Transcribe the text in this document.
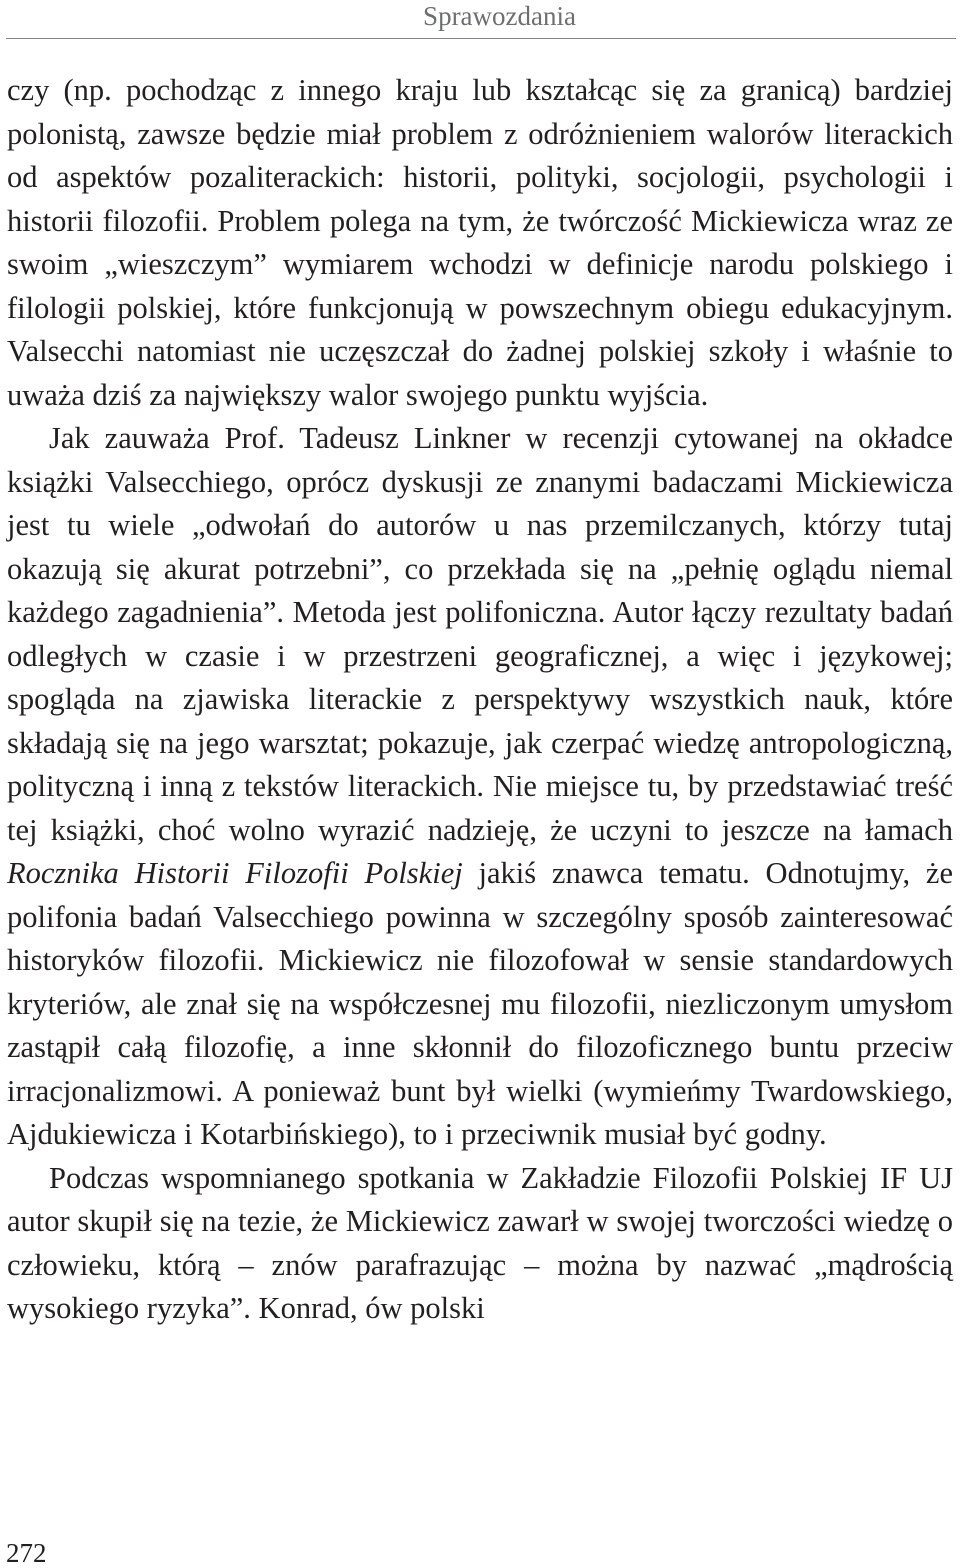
Sprawozdania

czy (np. pochodząc z innego kraju lub kształcąc się za granicą) bardziej polonistą, zawsze będzie miał problem z odróżnieniem walorów literackich od aspektów pozaliterackich: historii, polityki, socjologii, psychologii i historii filozofii. Problem polega na tym, że twórczość Mickiewicza wraz ze swoim „wieszczym” wymiarem wchodzi w definicje narodu polskiego i filologii polskiej, które funkcjonują w powszechnym obiegu edukacyjnym. Valsecchi natomiast nie uczęszczał do żadnej polskiej szkoły i właśnie to uważa dziś za największy walor swojego punktu wyjścia.

Jak zauważa Prof. Tadeusz Linkner w recenzji cytowanej na okładce książki Valsecchiego, oprócz dyskusji ze znanymi badaczami Mickiewicza jest tu wiele „odwołań do autorów u nas przemilczanych, którzy tutaj okazują się akurat potrzebni”, co przekłada się na „pełnię oglądu niemal każdego zagadnienia”. Metoda jest polifoniczna. Autor łączy rezultaty badań odległych w czasie i w przestrzeni geograficznej, a więc i językowej; spogląda na zjawiska literackie z perspektywy wszystkich nauk, które składają się na jego warsztat; pokazuje, jak czerpać wiedzę antropologiczną, polityczną i inną z tekstów literackich. Nie miejsce tu, by przedstawiać treść tej książki, choć wolno wyrazić nadzieję, że uczyni to jeszcze na łamach Rocznika Historii Filozofii Polskiej jakiś znawca tematu. Odnotujmy, że polifonia badań Valsecchiego powinna w szczególny sposób zainteresować historyków filozofii. Mickiewicz nie filozofował w sensie standardowych kryteriów, ale znał się na współczesnej mu filozofii, niezliczonym umysłom zastąpił całą filozofię, a inne skłonnił do filozoficznego buntu przeciw irracjonalizmowi. A ponieważ bunt był wielki (wymieńmy Twardowskiego, Ajdukiewicza i Kotarbińskiego), to i przeciwnik musiał być godny.

Podczas wspomnianego spotkania w Zakładzie Filozofii Polskiej IF UJ autor skupił się na tezie, że Mickiewicz zawarł w swojej tworczości wiedzę o człowieku, którą – znów parafrazując – można by nazwać „mądrością wysokiego ryzyka”. Konrad, ów polski

272
